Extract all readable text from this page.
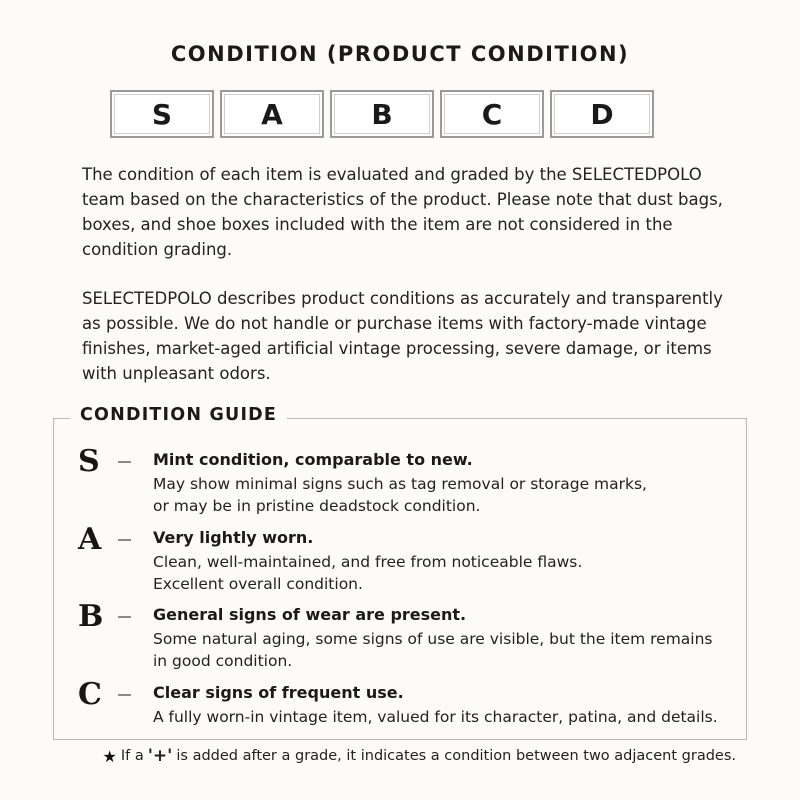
CONDITION (PRODUCT CONDITION)
S	A	B	C	D

The condition of each item is evaluated and graded by the SELECTEDPOLO team based on the characteristics of the product. Please note that dust bags, boxes, and shoe boxes included with the item are not considered in the condition grading.

SELECTEDPOLO describes product conditions as accurately and transparently as possible. We do not handle or purchase items with factory-made vintage finishes, market-aged artificial vintage processing, severe damage, or items with unpleasant odors.

CONDITION GUIDE
S	Mint condition, comparable to new.
May show minimal signs such as tag removal or storage marks,
or may be in pristine deadstock condition.
A	Very lightly worn.
Clean, well-maintained, and free from noticeable flaws.
Excellent overall condition.
B	General signs of wear are present.
Some natural aging, some signs of use are visible, but the item remains
in good condition.
C	Clear signs of frequent use.
A fully worn-in vintage item, valued for its character, patina, and details.
★ If a '+' is added after a grade, it indicates a condition between two adjacent grades.
